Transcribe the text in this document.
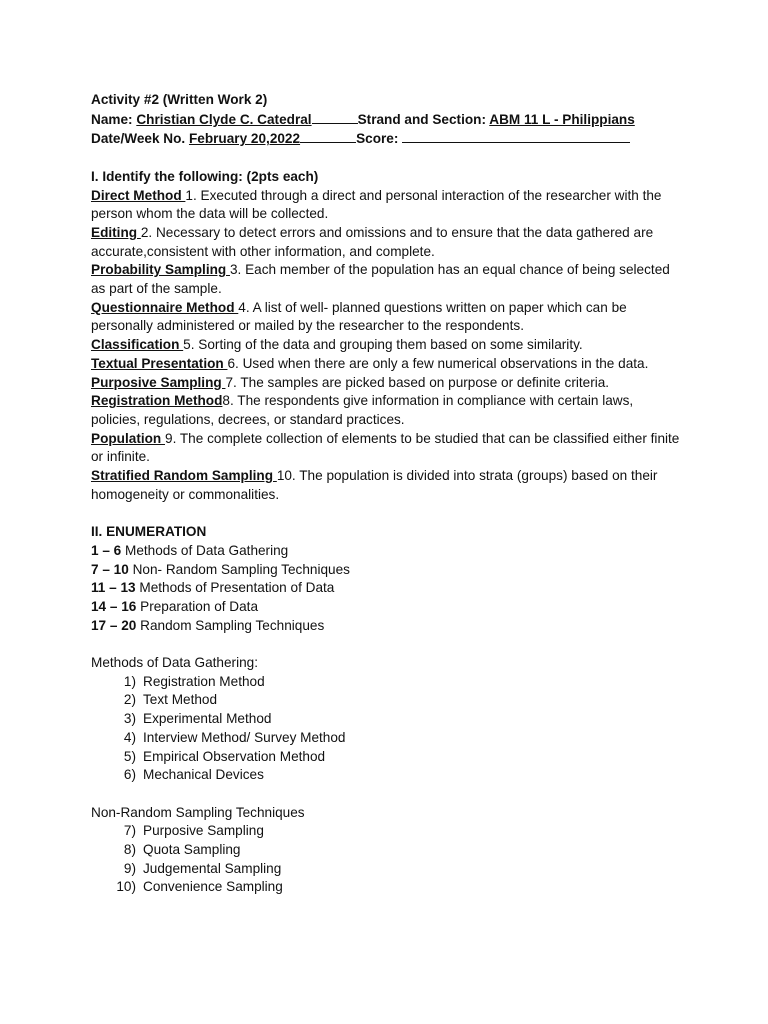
Activity #2 (Written Work 2)
Name: Christian Clyde C. Catedral	Strand and Section: ABM 11 L - Philippians
Date/Week No. February 20,2022	Score:
I. Identify the following: (2pts each)
Direct Method 1. Executed through a direct and personal interaction of the researcher with the person whom the data will be collected.
Editing 2. Necessary to detect errors and omissions and to ensure that the data gathered are accurate,consistent with other information, and complete.
Probability Sampling 3. Each member of the population has an equal chance of being selected as part of the sample.
Questionnaire Method 4. A list of well- planned questions written on paper which can be personally administered or mailed by the researcher to the respondents.
Classification 5. Sorting of the data and grouping them based on some similarity.
Textual Presentation 6. Used when there are only a few numerical observations in the data.
Purposive Sampling 7. The samples are picked based on purpose or definite criteria.
Registration Method8. The respondents give information in compliance with certain laws, policies, regulations, decrees, or standard practices.
Population 9. The complete collection of elements to be studied that can be classified either finite or infinite.
Stratified Random Sampling 10. The population is divided into strata (groups) based on their homogeneity or commonalities.
II. ENUMERATION
1 – 6 Methods of Data Gathering
7 – 10 Non- Random Sampling Techniques
11 – 13 Methods of Presentation of Data
14 – 16 Preparation of Data
17 – 20 Random Sampling Techniques
Methods of Data Gathering:
1) Registration Method
2) Text Method
3) Experimental Method
4) Interview Method/ Survey Method
5) Empirical Observation Method
6) Mechanical Devices
Non-Random Sampling Techniques
7) Purposive Sampling
8) Quota Sampling
9) Judgemental Sampling
10) Convenience Sampling
